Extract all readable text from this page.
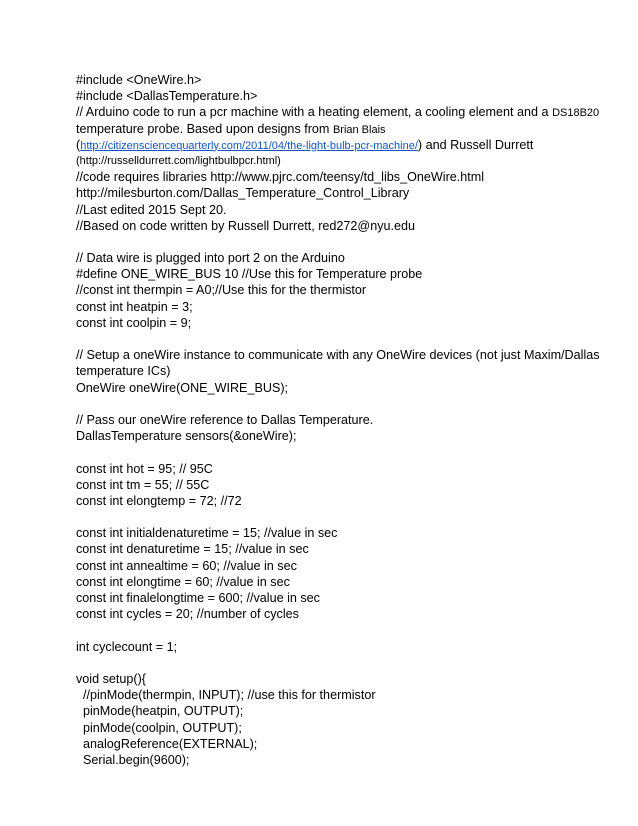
#include <OneWire.h>
#include <DallasTemperature.h>
// Arduino code to run a pcr machine with a heating element, a cooling element and a DS18B20
temperature probe. Based upon designs from Brian Blais
(http://citizensciencequarterly.com/2011/04/the-light-bulb-pcr-machine/) and Russell Durrett
(http://russelldurrett.com/lightbulbpcr.html)
//code requires libraries http://www.pjrc.com/teensy/td_libs_OneWire.html
http://milesburton.com/Dallas_Temperature_Control_Library
//Last edited 2015 Sept 20.
//Based on code written by Russell Durrett, red272@nyu.edu
// Data wire is plugged into port 2 on the Arduino
#define ONE_WIRE_BUS 10 //Use this for Temperature probe
//const int thermpin = A0;//Use this for the thermistor
const int heatpin = 3;
const int coolpin = 9;
// Setup a oneWire instance to communicate with any OneWire devices (not just Maxim/Dallas
temperature ICs)
OneWire oneWire(ONE_WIRE_BUS);
// Pass our oneWire reference to Dallas Temperature.
DallasTemperature sensors(&oneWire);
const int hot = 95; // 95C
const int tm = 55; // 55C
const int elongtemp = 72; //72
const int initialdenaturetime = 15; //value in sec
const int denaturetime = 15; //value in sec
const int annealtime = 60; //value in sec
const int elongtime = 60; //value in sec
const int finalelongtime = 600; //value in sec
const int cycles = 20; //number of cycles
int cyclecount = 1;
void setup(){
//pinMode(thermpin, INPUT); //use this for thermistor
pinMode(heatpin, OUTPUT);
pinMode(coolpin, OUTPUT);
analogReference(EXTERNAL);
Serial.begin(9600);
